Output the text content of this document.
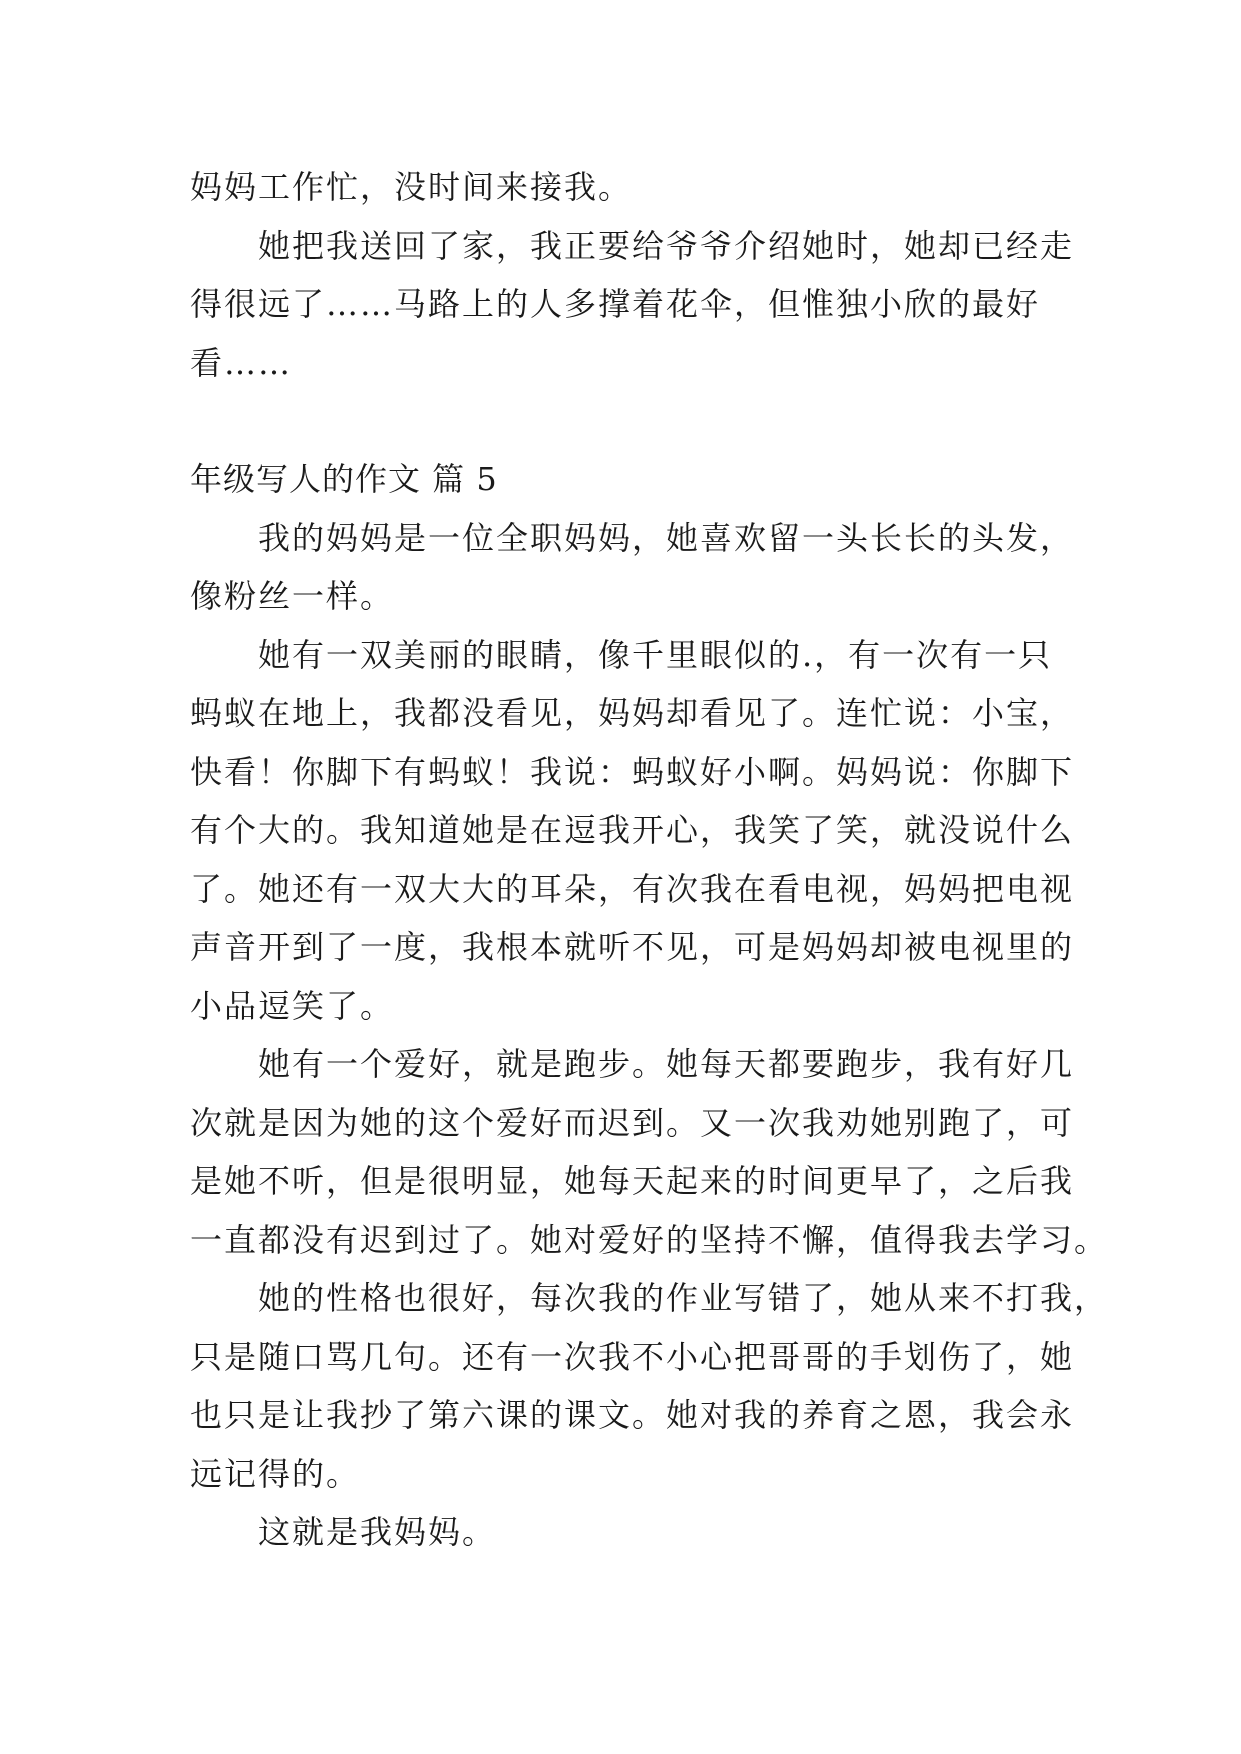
妈妈工作忙，没时间来接我。
她把我送回了家，我正要给爷爷介绍她时，她却已经走
得很远了……马路上的人多撑着花伞，但惟独小欣的最好
看……
年级写人的作文 篇 5
我的妈妈是一位全职妈妈，她喜欢留一头长长的头发，
像粉丝一样。
她有一双美丽的眼睛，像千里眼似的.，有一次有一只
蚂蚁在地上，我都没看见，妈妈却看见了。连忙说：小宝，
快看！你脚下有蚂蚁！我说：蚂蚁好小啊。妈妈说：你脚下
有个大的。我知道她是在逗我开心，我笑了笑，就没说什么
了。她还有一双大大的耳朵，有次我在看电视，妈妈把电视
声音开到了一度，我根本就听不见，可是妈妈却被电视里的
小品逗笑了。
她有一个爱好，就是跑步。她每天都要跑步，我有好几
次就是因为她的这个爱好而迟到。又一次我劝她别跑了，可
是她不听，但是很明显，她每天起来的时间更早了，之后我
一直都没有迟到过了。她对爱好的坚持不懈，值得我去学习。
她的性格也很好，每次我的作业写错了，她从来不打我，
只是随口骂几句。还有一次我不小心把哥哥的手划伤了，她
也只是让我抄了第六课的课文。她对我的养育之恩，我会永
远记得的。
这就是我妈妈。
